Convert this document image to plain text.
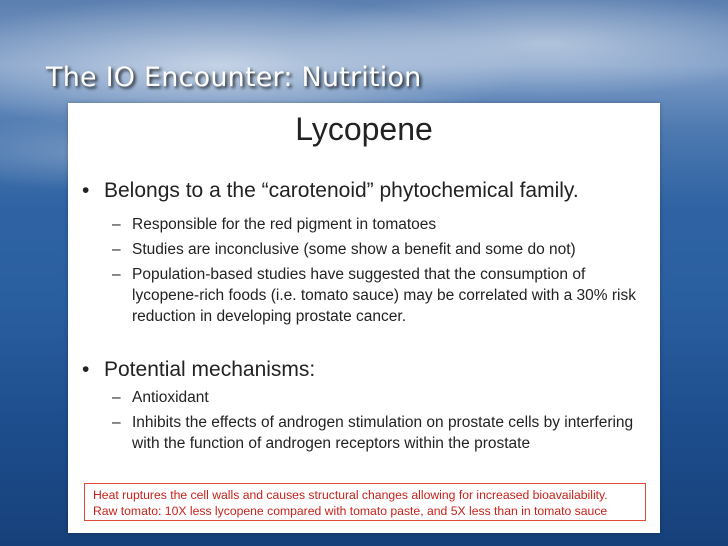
The IO Encounter: Nutrition
Lycopene
• Belongs to a the “carotenoid” phytochemical family.
– Responsible for the red pigment in tomatoes
– Studies are inconclusive (some show a benefit and some do not)
– Population-based studies have suggested that the consumption of lycopene-rich foods (i.e. tomato sauce) may be correlated with a 30% risk reduction in developing prostate cancer.
• Potential mechanisms:
– Antioxidant
– Inhibits the effects of androgen stimulation on prostate cells by interfering with the function of androgen receptors within the prostate
Heat ruptures the cell walls and causes structural changes allowing for increased bioavailability.
Raw tomato: 10X less lycopene compared with tomato paste, and 5X less than in tomato sauce
